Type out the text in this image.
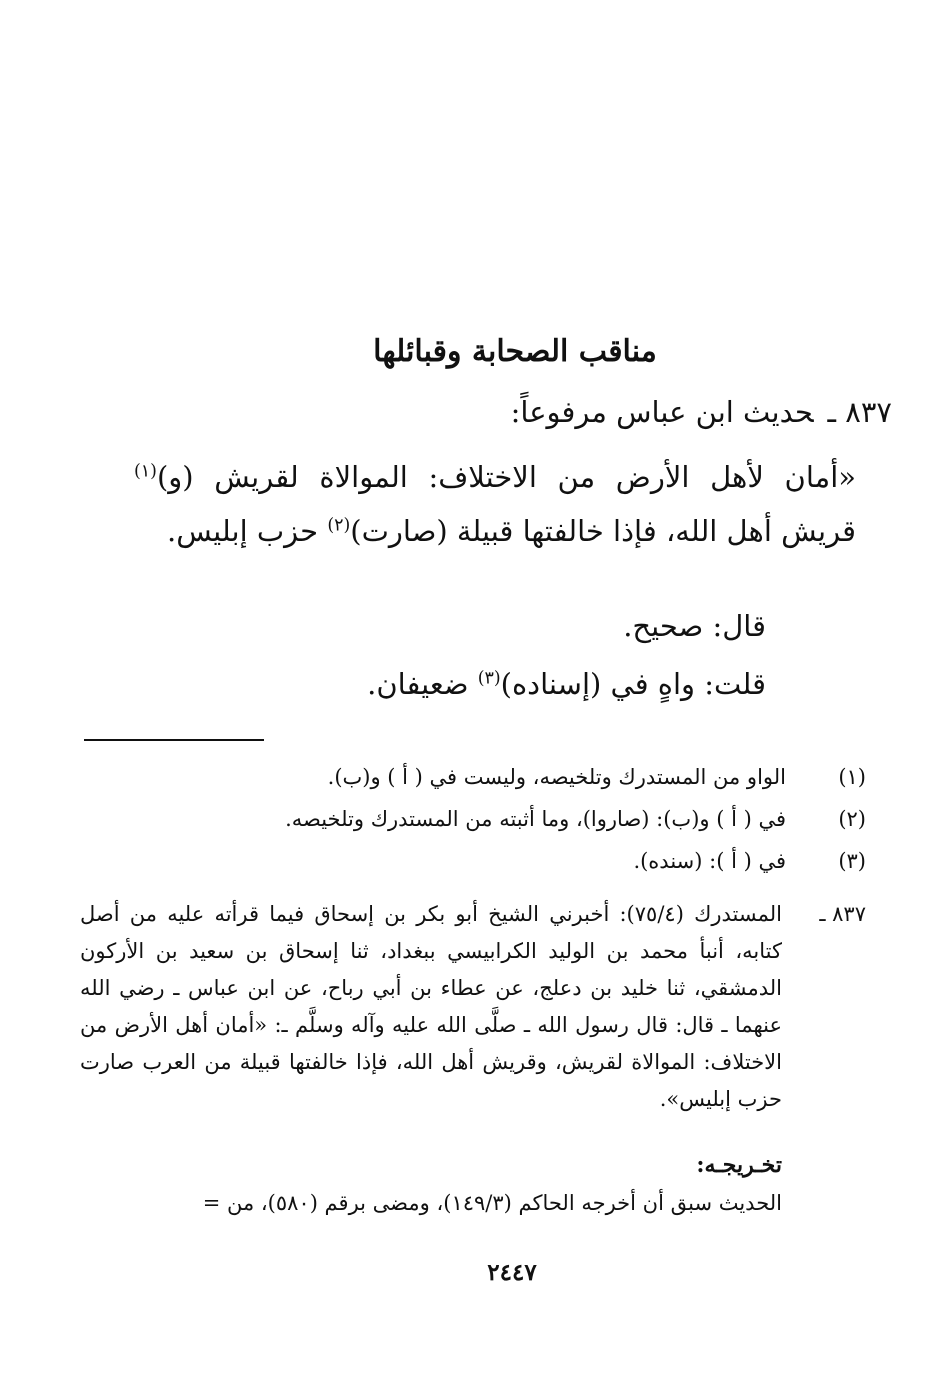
مناقب الصحابة وقبائلها
٨٣٧ ـحديث ابن عباس مرفوعاً:

«أمان لأهل الأرض من الاختلاف: الموالاة لقريش (و)$^{(١)}$ قريش أهل الله، فإذا خالفتها قبيلة (صارت)$^{(٢)}$ حزب إبليس.

قال: صحيح.

قلت: واهٍ في (إسناده)$^{(٣)}$ ضعيفان.

(١)الواو من المستدرك وتلخيصه، وليست في ( أ ) و(ب).
(٢)في ( أ ) و(ب): (صاروا)، وما أثبته من المستدرك وتلخيصه.
(٣)في ( أ ): (سنده).
٨٣٧ ـ

المستدرك (٧٥/٤): أخبرني الشيخ أبو بكر بن إسحاق فيما قرأته عليه من أصل كتابه، أنبأ محمد بن الوليد الكرابيسي ببغداد، ثنا إسحاق بن سعيد بن الأركون الدمشقي، ثنا خليد بن دعلج، عن عطاء بن أبي رباح، عن ابن عباس ـ رضي الله عنهما ـ قال: قال رسول الله ـ صلَّى الله عليه وآله وسلَّم ـ: «أمان أهل الأرض من الاختلاف: الموالاة لقريش، وقريش أهل الله، فإذا خالفتها قبيلة من العرب صارت حزب إبليس».

تخـريجـه:

الحديث سبق أن أخرجه الحاكم (١٤٩/٣)، ومضى برقم (٥٨٠)، من =

٢٤٤٧
